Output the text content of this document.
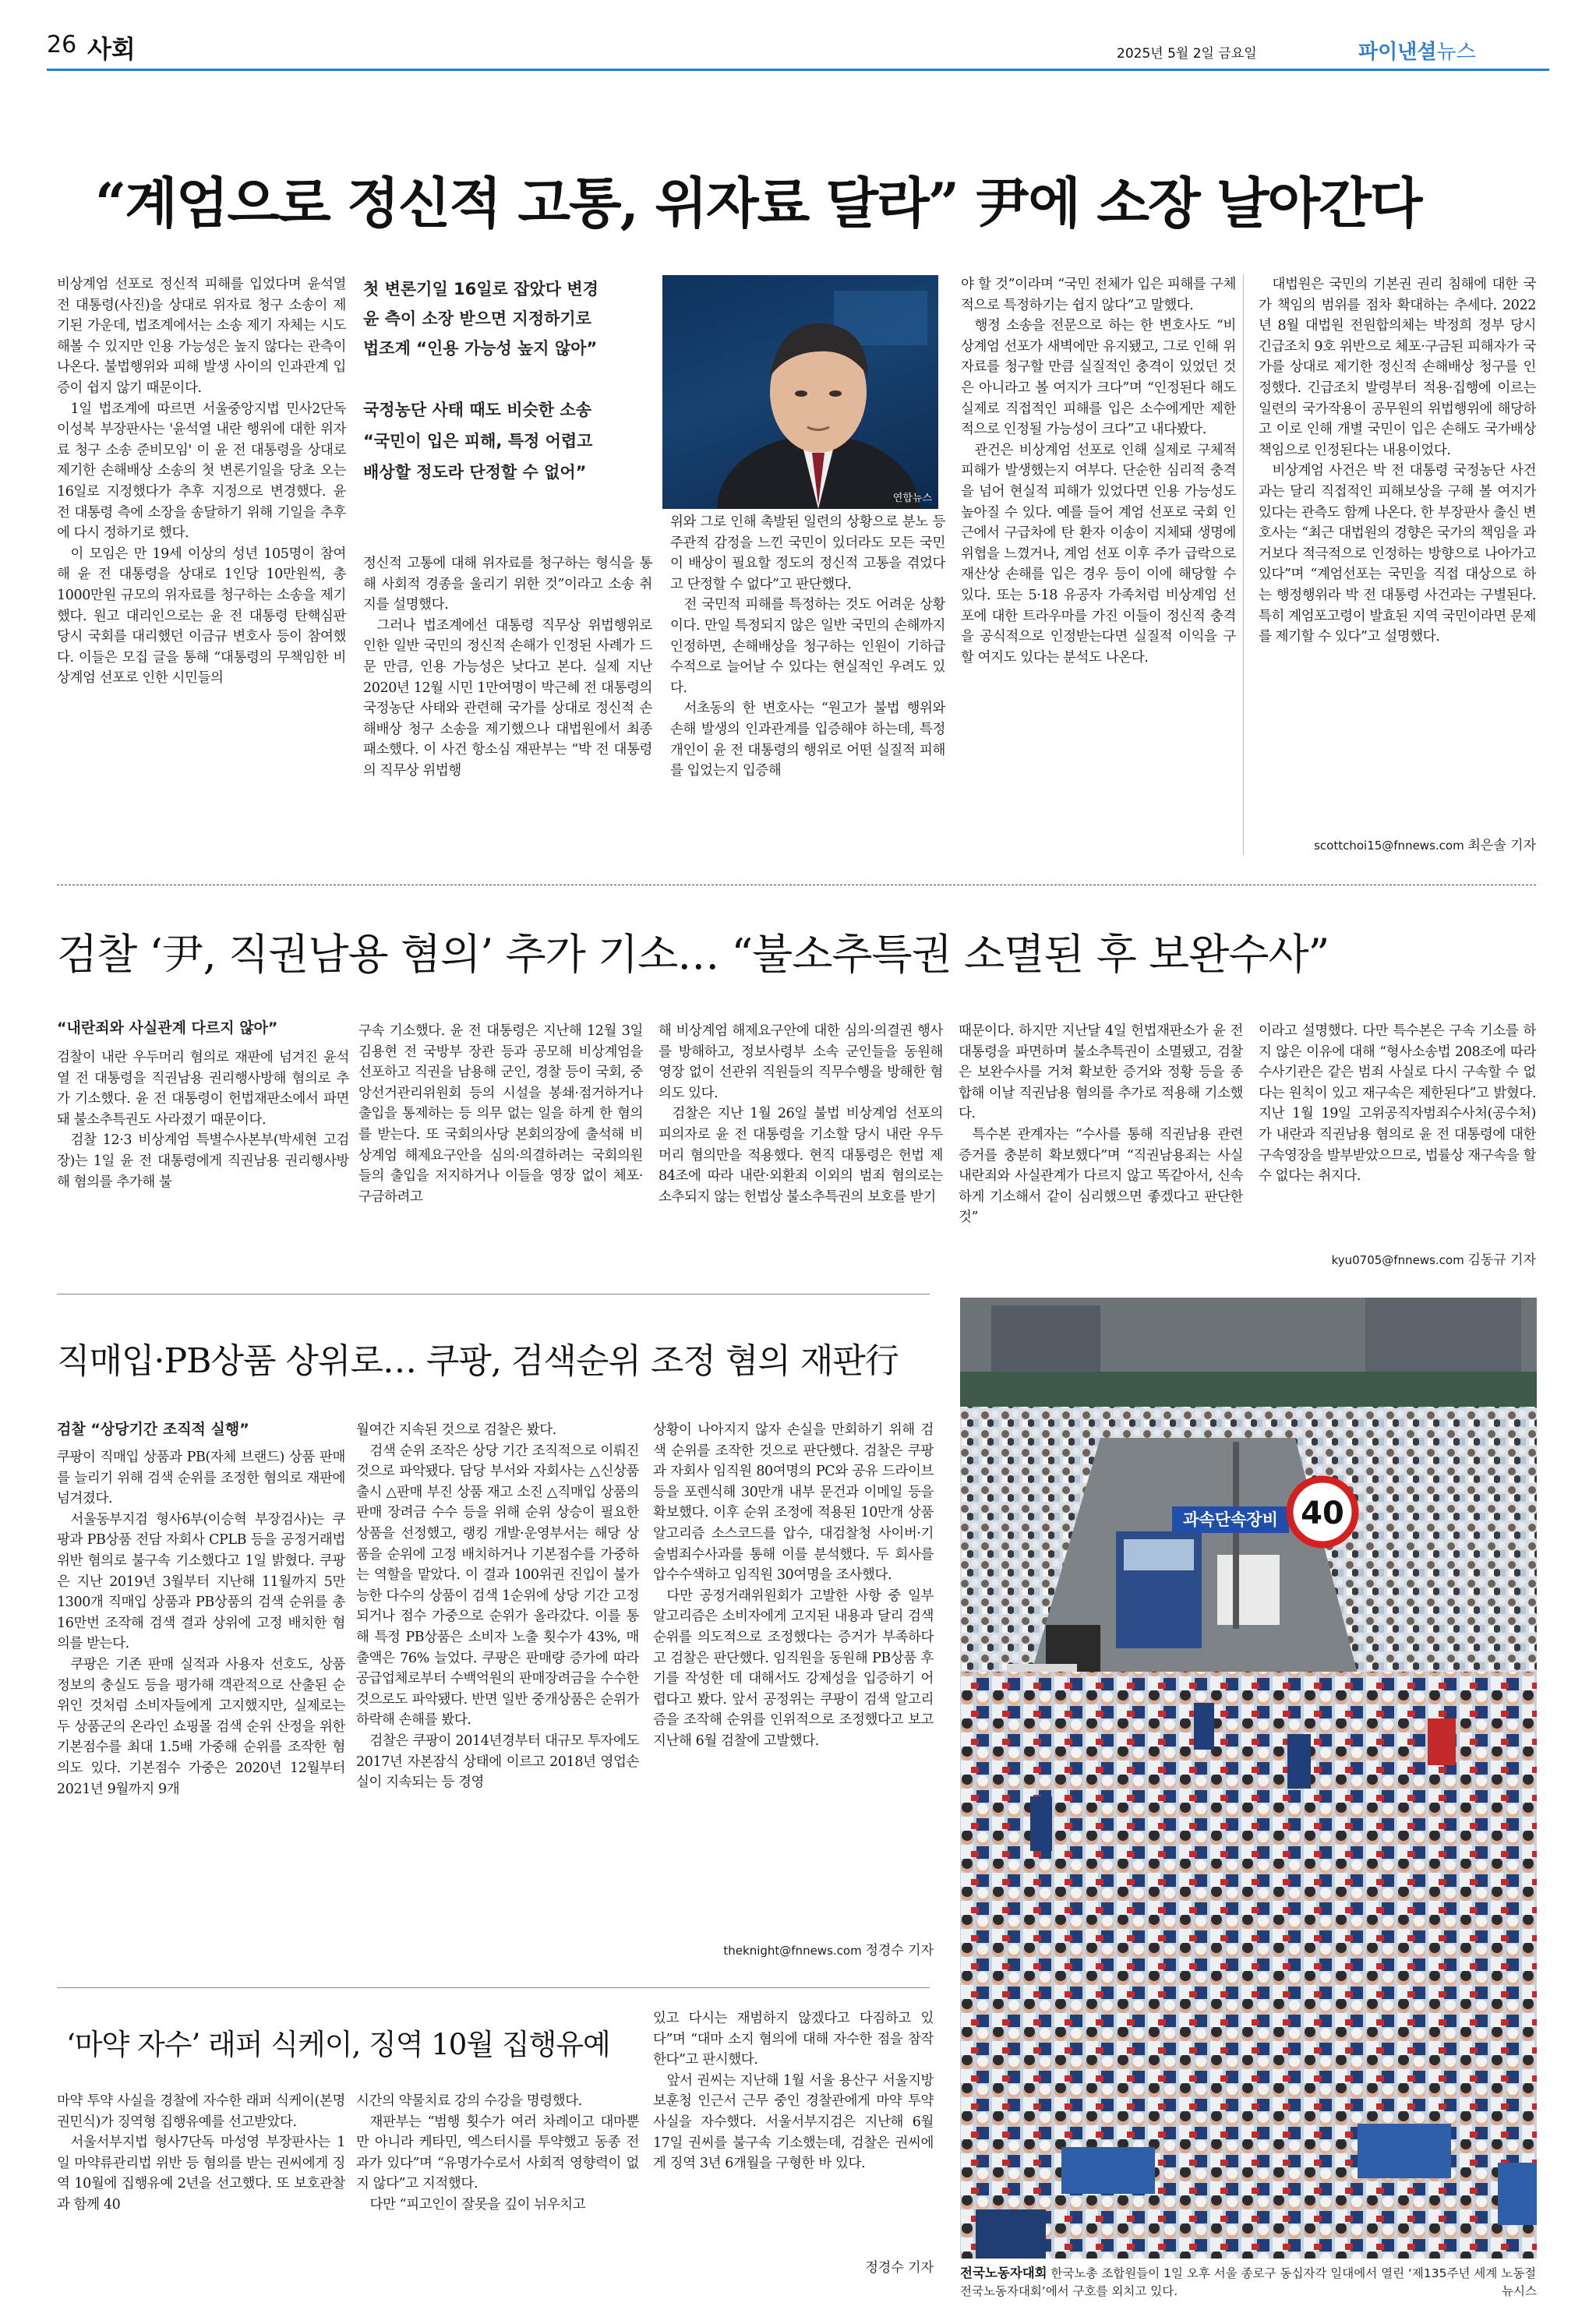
26 사회	2025년 5월 2일 금요일	파이낸셜뉴스
“계엄으로 정신적 고통, 위자료 달라” 尹에 소장 날아간다

비상계엄 선포로 정신적 피해를 입었다며 윤석열 전 대통령(사진)을 상대로 위자료 청구 소송이 제기된 가운데, 법조계에서는 소송 제기 자체는 시도해볼 수 있지만 인용 가능성은 높지 않다는 관측이 나온다. 불법행위와 피해 발생 사이의 인과관계 입증이 쉽지 않기 때문이다.

1일 법조계에 따르면 서울중앙지법 민사2단독 이성복 부장판사는 '윤석열 내란 행위에 대한 위자료 청구 소송 준비모임' 이 윤 전 대통령을 상대로 제기한 손해배상 소송의 첫 변론기일을 당초 오는 16일로 지정했다가 추후 지정으로 변경했다. 윤 전 대통령 측에 소장을 송달하기 위해 기일을 추후에 다시 정하기로 했다.

이 모임은 만 19세 이상의 성년 105명이 참여해 윤 전 대통령을 상대로 1인당 10만원씩, 총 1000만원 규모의 위자료를 청구하는 소송을 제기했다. 원고 대리인으로는 윤 전 대통령 탄핵심판 당시 국회를 대리했던 이금규 변호사 등이 참여했다. 이들은 모집 글을 통해 “대통령의 무책임한 비상계엄 선포로 인한 시민들의

첫 변론기일 16일로 잡았다 변경
윤 측이 소장 받으면 지정하기로
법조계 “인용 가능성 높지 않아”
국정농단 사태 때도 비슷한 소송
“국민이 입은 피해, 특정 어렵고
배상할 정도라 단정할 수 없어”
연합뉴스

정신적 고통에 대해 위자료를 청구하는 형식을 통해 사회적 경종을 울리기 위한 것”이라고 소송 취지를 설명했다.

그러나 법조계에선 대통령 직무상 위법행위로 인한 일반 국민의 정신적 손해가 인정된 사례가 드문 만큼, 인용 가능성은 낮다고 본다. 실제 지난 2020년 12월 시민 1만여명이 박근혜 전 대통령의 국정농단 사태와 관련해 국가를 상대로 정신적 손해배상 청구 소송을 제기했으나 대법원에서 최종 패소했다. 이 사건 항소심 재판부는 “박 전 대통령의 직무상 위법행

위와 그로 인해 촉발된 일련의 상황으로 분노 등 주관적 감정을 느낀 국민이 있더라도 모든 국민이 배상이 필요할 정도의 정신적 고통을 겪었다고 단정할 수 없다”고 판단했다.

전 국민적 피해를 특정하는 것도 어려운 상황이다. 만일 특정되지 않은 일반 국민의 손해까지 인정하면, 손해배상을 청구하는 인원이 기하급수적으로 늘어날 수 있다는 현실적인 우려도 있다.

서초동의 한 변호사는 “원고가 불법 행위와 손해 발생의 인과관계를 입증해야 하는데, 특정 개인이 윤 전 대통령의 행위로 어떤 실질적 피해를 입었는지 입증해

야 할 것”이라며 “국민 전체가 입은 피해를 구체적으로 특정하기는 쉽지 않다”고 말했다.

행정 소송을 전문으로 하는 한 변호사도 “비상계엄 선포가 새벽에만 유지됐고, 그로 인해 위자료를 청구할 만큼 실질적인 충격이 있었던 것은 아니라고 볼 여지가 크다”며 “인정된다 해도 실제로 직접적인 피해를 입은 소수에게만 제한적으로 인정될 가능성이 크다”고 내다봤다.

관건은 비상계엄 선포로 인해 실제로 구체적 피해가 발생했는지 여부다. 단순한 심리적 충격을 넘어 현실적 피해가 있었다면 인용 가능성도 높아질 수 있다. 예를 들어 계엄 선포로 국회 인근에서 구급차에 탄 환자 이송이 지체돼 생명에 위협을 느꼈거나, 계엄 선포 이후 주가 급락으로 재산상 손해를 입은 경우 등이 이에 해당할 수 있다. 또는 5·18 유공자 가족처럼 비상계엄 선포에 대한 트라우마를 가진 이들이 정신적 충격을 공식적으로 인정받는다면 실질적 이익을 구할 여지도 있다는 분석도 나온다.

대법원은 국민의 기본권 권리 침해에 대한 국가 책임의 범위를 점차 확대하는 추세다. 2022년 8월 대법원 전원합의체는 박정희 정부 당시 긴급조치 9호 위반으로 체포·구금된 피해자가 국가를 상대로 제기한 정신적 손해배상 청구를 인정했다. 긴급조치 발령부터 적용·집행에 이르는 일련의 국가작용이 공무원의 위법행위에 해당하고 이로 인해 개별 국민이 입은 손해도 국가배상책임으로 인정된다는 내용이었다.

비상계엄 사건은 박 전 대통령 국정농단 사건과는 달리 직접적인 피해보상을 구해 볼 여지가 있다는 관측도 함께 나온다. 한 부장판사 출신 변호사는 “최근 대법원의 경향은 국가의 책임을 과거보다 적극적으로 인정하는 방향으로 나아가고 있다”며 “계엄선포는 국민을 직접 대상으로 하는 행정행위라 박 전 대통령 사건과는 구별된다. 특히 계엄포고령이 발효된 지역 국민이라면 문제를 제기할 수 있다”고 설명했다.

scottchoi15@fnnews.com 최은솔 기자
검찰 ‘尹, 직권남용 혐의’ 추가 기소… “불소추특권 소멸된 후 보완수사”
“내란죄와 사실관계 다르지 않아”

검찰이 내란 우두머리 혐의로 재판에 넘겨진 윤석열 전 대통령을 직권남용 권리행사방해 혐의로 추가 기소했다. 윤 전 대통령이 헌법재판소에서 파면돼 불소추특권도 사라졌기 때문이다.

검찰 12·3 비상계엄 특별수사본부(박세현 고검장)는 1일 윤 전 대통령에게 직권남용 권리행사방해 혐의를 추가해 불

구속 기소했다. 윤 전 대통령은 지난해 12월 3일 김용현 전 국방부 장관 등과 공모해 비상계엄을 선포하고 직권을 남용해 군인, 경찰 등이 국회, 중앙선거관리위원회 등의 시설을 봉쇄·점거하거나 출입을 통제하는 등 의무 없는 일을 하게 한 혐의를 받는다. 또 국회의사당 본회의장에 출석해 비상계엄 해제요구안을 심의·의결하려는 국회의원들의 출입을 저지하거나 이들을 영장 없이 체포·구금하려고

해 비상계엄 해제요구안에 대한 심의·의결권 행사를 방해하고, 정보사령부 소속 군인들을 동원해 영장 없이 선관위 직원들의 직무수행을 방해한 혐의도 있다.

검찰은 지난 1월 26일 불법 비상계엄 선포의 피의자로 윤 전 대통령을 기소할 당시 내란 우두머리 혐의만을 적용했다. 현직 대통령은 헌법 제84조에 따라 내란·외환죄 이외의 범죄 혐의로는 소추되지 않는 헌법상 불소추특권의 보호를 받기

때문이다. 하지만 지난달 4일 헌법재판소가 윤 전 대통령을 파면하며 불소추특권이 소멸됐고, 검찰은 보완수사를 거쳐 확보한 증거와 정황 등을 종합해 이날 직권남용 혐의를 추가로 적용해 기소했다.

특수본 관계자는 “수사를 통해 직권남용 관련 증거를 충분히 확보했다”며 “직권남용죄는 사실 내란죄와 사실관계가 다르지 않고 똑같아서, 신속하게 기소해서 같이 심리했으면 좋겠다고 판단한 것”

이라고 설명했다. 다만 특수본은 구속 기소를 하지 않은 이유에 대해 “형사소송법 208조에 따라 수사기관은 같은 범죄 사실로 다시 구속할 수 없다는 원칙이 있고 재구속은 제한된다”고 밝혔다. 지난 1월 19일 고위공직자범죄수사처(공수처)가 내란과 직권남용 혐의로 윤 전 대통령에 대한 구속영장을 발부받았으므로, 법률상 재구속을 할 수 없다는 취지다.

kyu0705@fnnews.com 김동규 기자
직매입·PB상품 상위로… 쿠팡, 검색순위 조정 혐의 재판行
검찰 “상당기간 조직적 실행”

쿠팡이 직매입 상품과 PB(자체 브랜드) 상품 판매를 늘리기 위해 검색 순위를 조정한 혐의로 재판에 넘겨졌다.

서울동부지검 형사6부(이승혁 부장검사)는 쿠팡과 PB상품 전담 자회사 CPLB 등을 공정거래법 위반 혐의로 불구속 기소했다고 1일 밝혔다. 쿠팡은 지난 2019년 3월부터 지난해 11월까지 5만 1300개 직매입 상품과 PB상품의 검색 순위를 총 16만번 조작해 검색 결과 상위에 고정 배치한 혐의를 받는다.

쿠팡은 기존 판매 실적과 사용자 선호도, 상품 정보의 충실도 등을 평가해 객관적으로 산출된 순위인 것처럼 소비자들에게 고지했지만, 실제로는 두 상품군의 온라인 쇼핑몰 검색 순위 산정을 위한 기본점수를 최대 1.5배 가중해 순위를 조작한 혐의도 있다. 기본점수 가중은 2020년 12월부터 2021년 9월까지 9개

월여간 지속된 것으로 검찰은 봤다.

검색 순위 조작은 상당 기간 조직적으로 이뤄진 것으로 파악됐다. 담당 부서와 자회사는 △신상품 출시 △판매 부진 상품 재고 소진 △직매입 상품의 판매 장려금 수수 등을 위해 순위 상승이 필요한 상품을 선정했고, 랭킹 개발·운영부서는 해당 상품을 순위에 고정 배치하거나 기본점수를 가중하는 역할을 맡았다. 이 결과 100위권 진입이 불가능한 다수의 상품이 검색 1순위에 상당 기간 고정되거나 점수 가중으로 순위가 올라갔다. 이를 통해 특정 PB상품은 소비자 노출 횟수가 43%, 매출액은 76% 늘었다. 쿠팡은 판매량 증가에 따라 공급업체로부터 수백억원의 판매장려금을 수수한 것으로도 파악됐다. 반면 일반 중개상품은 순위가 하락해 손해를 봤다.

검찰은 쿠팡이 2014년경부터 대규모 투자에도 2017년 자본잠식 상태에 이르고 2018년 영업손실이 지속되는 등 경영

상황이 나아지지 않자 손실을 만회하기 위해 검색 순위를 조작한 것으로 판단했다. 검찰은 쿠팡과 자회사 임직원 80여명의 PC와 공유 드라이브 등을 포렌식해 30만개 내부 문건과 이메일 등을 확보했다. 이후 순위 조정에 적용된 10만개 상품 알고리즘 소스코드를 압수, 대검찰청 사이버·기술범죄수사과를 통해 이를 분석했다. 두 회사를 압수수색하고 임직원 30여명을 조사했다.

다만 공정거래위원회가 고발한 사항 중 일부 알고리즘은 소비자에게 고지된 내용과 달리 검색 순위를 의도적으로 조정했다는 증거가 부족하다고 검찰은 판단했다. 임직원을 동원해 PB상품 후기를 작성한 데 대해서도 강제성을 입증하기 어렵다고 봤다. 앞서 공정위는 쿠팡이 검색 알고리즘을 조작해 순위를 인위적으로 조정했다고 보고 지난해 6월 검찰에 고발했다.

theknight@fnnews.com 정경수 기자
‘마약 자수’ 래퍼 식케이, 징역 10월 집행유예

마약 투약 사실을 경찰에 자수한 래퍼 식케이(본명 권민식)가 징역형 집행유예를 선고받았다.

서울서부지법 형사7단독 마성영 부장판사는 1일 마약류관리법 위반 등 혐의를 받는 권씨에게 징역 10월에 집행유예 2년을 선고했다. 또 보호관찰과 함께 40

시간의 약물치료 강의 수강을 명령했다.

재판부는 “범행 횟수가 여러 차례이고 대마뿐만 아니라 케타민, 엑스터시를 투약했고 동종 전과가 있다”며 “유명가수로서 사회적 영향력이 없지 않다”고 지적했다.

다만 “피고인이 잘못을 깊이 뉘우치고

있고 다시는 재범하지 않겠다고 다짐하고 있다”며 “대마 소지 혐의에 대해 자수한 점을 참작한다”고 판시했다.

앞서 권씨는 지난해 1월 서울 용산구 서울지방보훈청 인근서 근무 중인 경찰관에게 마약 투약 사실을 자수했다. 서울서부지검은 지난해 6월 17일 권씨를 불구속 기소했는데, 검찰은 권씨에게 징역 3년 6개월을 구형한 바 있다.

정경수 기자
과속단속장비 40
전국노동자대회 한국노총 조합원들이 1일 오후 서울 종로구 동십자각 일대에서 열린 ‘제135주년 세계 노동절 전국노동자대회’에서 구호를 외치고 있다.	뉴시스
